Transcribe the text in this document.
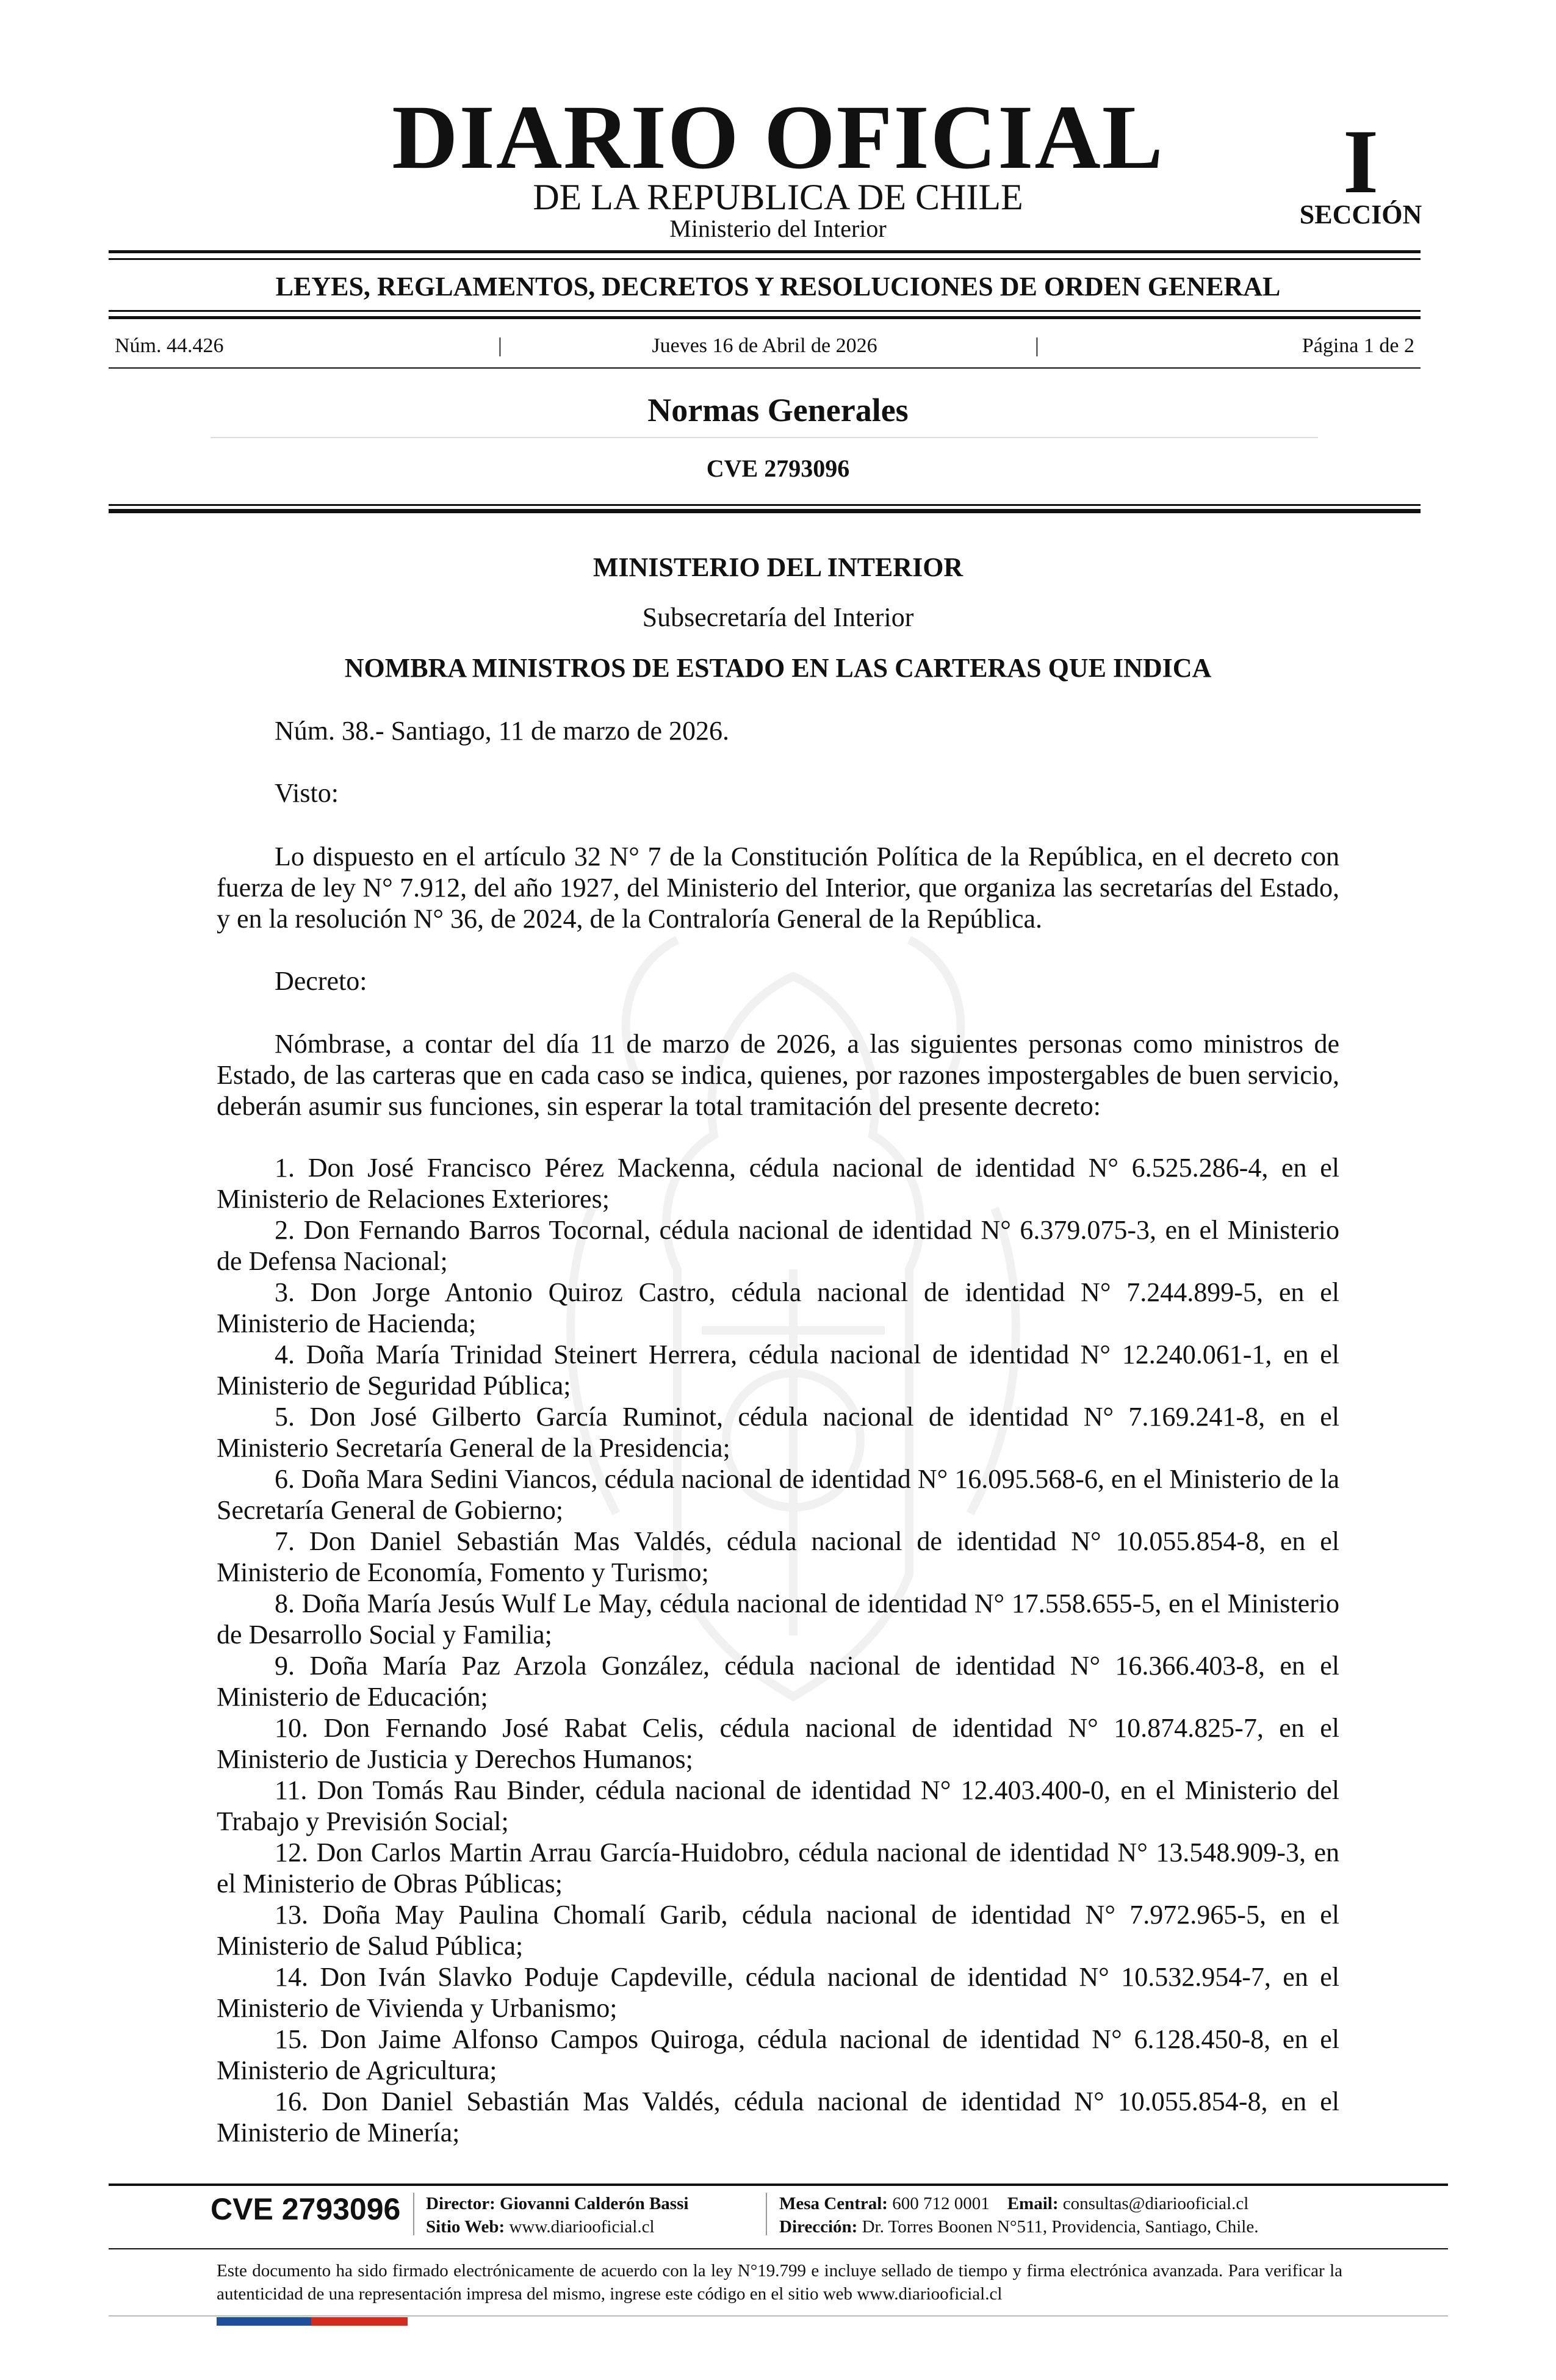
DIARIO OFICIAL
DE LA REPUBLICA DE CHILE
Ministerio del Interior
I
SECCIÓN
LEYES, REGLAMENTOS, DECRETOS Y RESOLUCIONES DE ORDEN GENERAL
Núm. 44.426	|	Jueves 16 de Abril de 2026	|	Página 1 de 2
Normas Generales
CVE 2793096
MINISTERIO DEL INTERIOR
Subsecretaría del Interior
NOMBRA MINISTROS DE ESTADO EN LAS CARTERAS QUE INDICA
Núm. 38.- Santiago, 11 de marzo de 2026.
Visto:
Lo dispuesto en el artículo 32 N° 7 de la Constitución Política de la República, en el decreto con fuerza de ley N° 7.912, del año 1927, del Ministerio del Interior, que organiza las secretarías del Estado, y en la resolución N° 36, de 2024, de la Contraloría General de la República.
Decreto:
Nómbrase, a contar del día 11 de marzo de 2026, a las siguientes personas como ministros de Estado, de las carteras que en cada caso se indica, quienes, por razones impostergables de buen servicio, deberán asumir sus funciones, sin esperar la total tramitación del presente decreto:

1. Don José Francisco Pérez Mackenna, cédula nacional de identidad N° 6.525.286-4, en el Ministerio de Relaciones Exteriores;

2. Don Fernando Barros Tocornal, cédula nacional de identidad N° 6.379.075-3, en el Ministerio de Defensa Nacional;

3. Don Jorge Antonio Quiroz Castro, cédula nacional de identidad N° 7.244.899-5, en el Ministerio de Hacienda;

4. Doña María Trinidad Steinert Herrera, cédula nacional de identidad N° 12.240.061-1, en el Ministerio de Seguridad Pública;

5. Don José Gilberto García Ruminot, cédula nacional de identidad N° 7.169.241-8, en el Ministerio Secretaría General de la Presidencia;

6. Doña Mara Sedini Viancos, cédula nacional de identidad N° 16.095.568-6, en el Ministerio de la Secretaría General de Gobierno;

7. Don Daniel Sebastián Mas Valdés, cédula nacional de identidad N° 10.055.854-8, en el Ministerio de Economía, Fomento y Turismo;

8. Doña María Jesús Wulf Le May, cédula nacional de identidad N° 17.558.655-5, en el Ministerio de Desarrollo Social y Familia;

9. Doña María Paz Arzola González, cédula nacional de identidad N° 16.366.403-8, en el Ministerio de Educación;

10. Don Fernando José Rabat Celis, cédula nacional de identidad N° 10.874.825-7, en el Ministerio de Justicia y Derechos Humanos;

11. Don Tomás Rau Binder, cédula nacional de identidad N° 12.403.400-0, en el Ministerio del Trabajo y Previsión Social;

12. Don Carlos Martin Arrau García-Huidobro, cédula nacional de identidad N° 13.548.909-3, en el Ministerio de Obras Públicas;

13. Doña May Paulina Chomalí Garib, cédula nacional de identidad N° 7.972.965-5, en el Ministerio de Salud Pública;

14. Don Iván Slavko Poduje Capdeville, cédula nacional de identidad N° 10.532.954-7, en el Ministerio de Vivienda y Urbanismo;

15. Don Jaime Alfonso Campos Quiroga, cédula nacional de identidad N° 6.128.450-8, en el Ministerio de Agricultura;

16. Don Daniel Sebastián Mas Valdés, cédula nacional de identidad N° 10.055.854-8, en el Ministerio de Minería;

CVE 2793096 Director: Giovanni Calderón Bassi
Sitio Web: www.diariooficial.cl
Mesa Central: 600 712 0001 Email: consultas@diariooficial.cl
Dirección: Dr. Torres Boonen N°511, Providencia, Santiago, Chile.
Este documento ha sido firmado electrónicamente de acuerdo con la ley N°19.799 e incluye sellado de tiempo y firma electrónica avanzada. Para verificar la autenticidad de una representación impresa del mismo, ingrese este código en el sitio web www.diariooficial.cl
